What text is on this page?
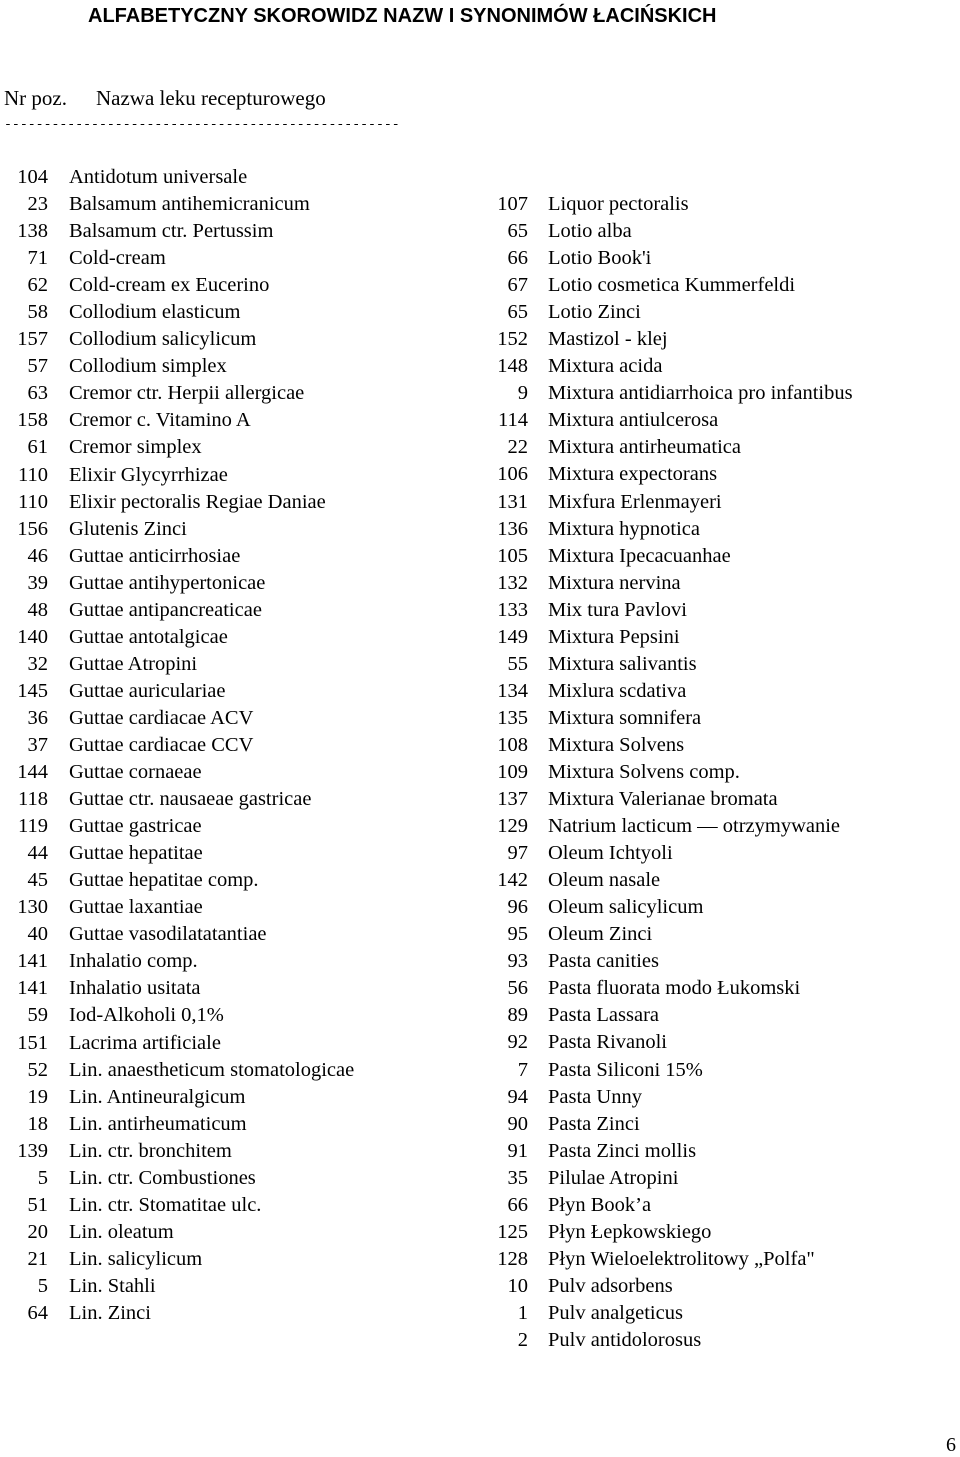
ALFABETYCZNY SKOROWIDZ NAZW I SYNONIMÓW ŁACIŃSKICH
Nr poz. Nazwa leku recepturowego
--------------------------------------------------
104	Antidotum universale
23	Balsamum antihemicranicum
138	Balsamum ctr. Pertussim
71	Cold-cream
62	Cold-cream ex Eucerino
58	Collodium elasticum
157	Collodium salicylicum
57	Collodium simplex
63	Cremor ctr. Herpii allergicae
158	Cremor c. Vitamino A
61	Cremor simplex
110	Elixir Glycyrrhizae
110	Elixir pectoralis Regiae Daniae
156	Glutenis Zinci
46	Guttae anticirrhosiae
39	Guttae antihypertonicae
48	Guttae antipancreaticae
140	Guttae antotalgicae
32	Guttae Atropini
145	Guttae auriculariae
36	Guttae cardiacae ACV
37	Guttae cardiacae CCV
144	Guttae cornaeae
118	Guttae ctr. nausaeae gastricae
119	Guttae gastricae
44	Guttae hepatitae
45	Guttae hepatitae comp.
130	Guttae laxantiae
40	Guttae vasodilatatantiae
141	Inhalatio comp.
141	Inhalatio usitata
59	Iod-Alkoholi 0,1%
151	Lacrima artificiale
52	Lin. anaestheticum stomatologicae
19	Lin. Antineuralgicum
18	Lin. antirheumaticum
139	Lin. ctr. bronchitem
5	Lin. ctr. Combustiones
51	Lin. ctr. Stomatitae ulc.
20	Lin. oleatum
21	Lin. salicylicum
5	Lin. Stahli
64	Lin. Zinci
107 Liquor pectoralis
65 Lotio alba
66 Lotio Book'i
67 Lotio cosmetica Kummerfeldi
65 Lotio Zinci
152 Mastizol - klej
148 Mixtura acida
9 Mixtura antidiarrhoica pro infantibus
114 Mixtura antiulcerosa
22 Mixtura antirheumatica
106 Mixtura expectorans
131 Mixfura Erlenmayeri
136 Mixtura hypnotica
105 Mixtura Ipecacuanhae
132 Mixtura nervina
133 Mix tura Pavlovi
149 Mixtura Pepsini
55 Mixtura salivantis
134 Mixlura scdativa
135 Mixtura somnifera
108 Mixtura Solvens
109 Mixtura Solvens comp.
137 Mixtura Valerianae bromata
129 Natrium lacticum — otrzymywanie
97 Oleum Ichtyoli
142 Oleum nasale
96 Oleum salicylicum
95 Oleum Zinci
93 Pasta canities
56 Pasta fluorata modo Łukomski
89 Pasta Lassara
92 Pasta Rivanoli
7 Pasta Siliconi 15%
94 Pasta Unny
90 Pasta Zinci
91 Pasta Zinci mollis
35 Pilulae Atropini
66 Płyn Book’a
125 Płyn Łepkowskiego
128 Płyn Wieloelektrolitowy „Polfa"
10 Pulv adsorbens
1 Pulv analgeticus
2 Pulv antidolorosus
6
